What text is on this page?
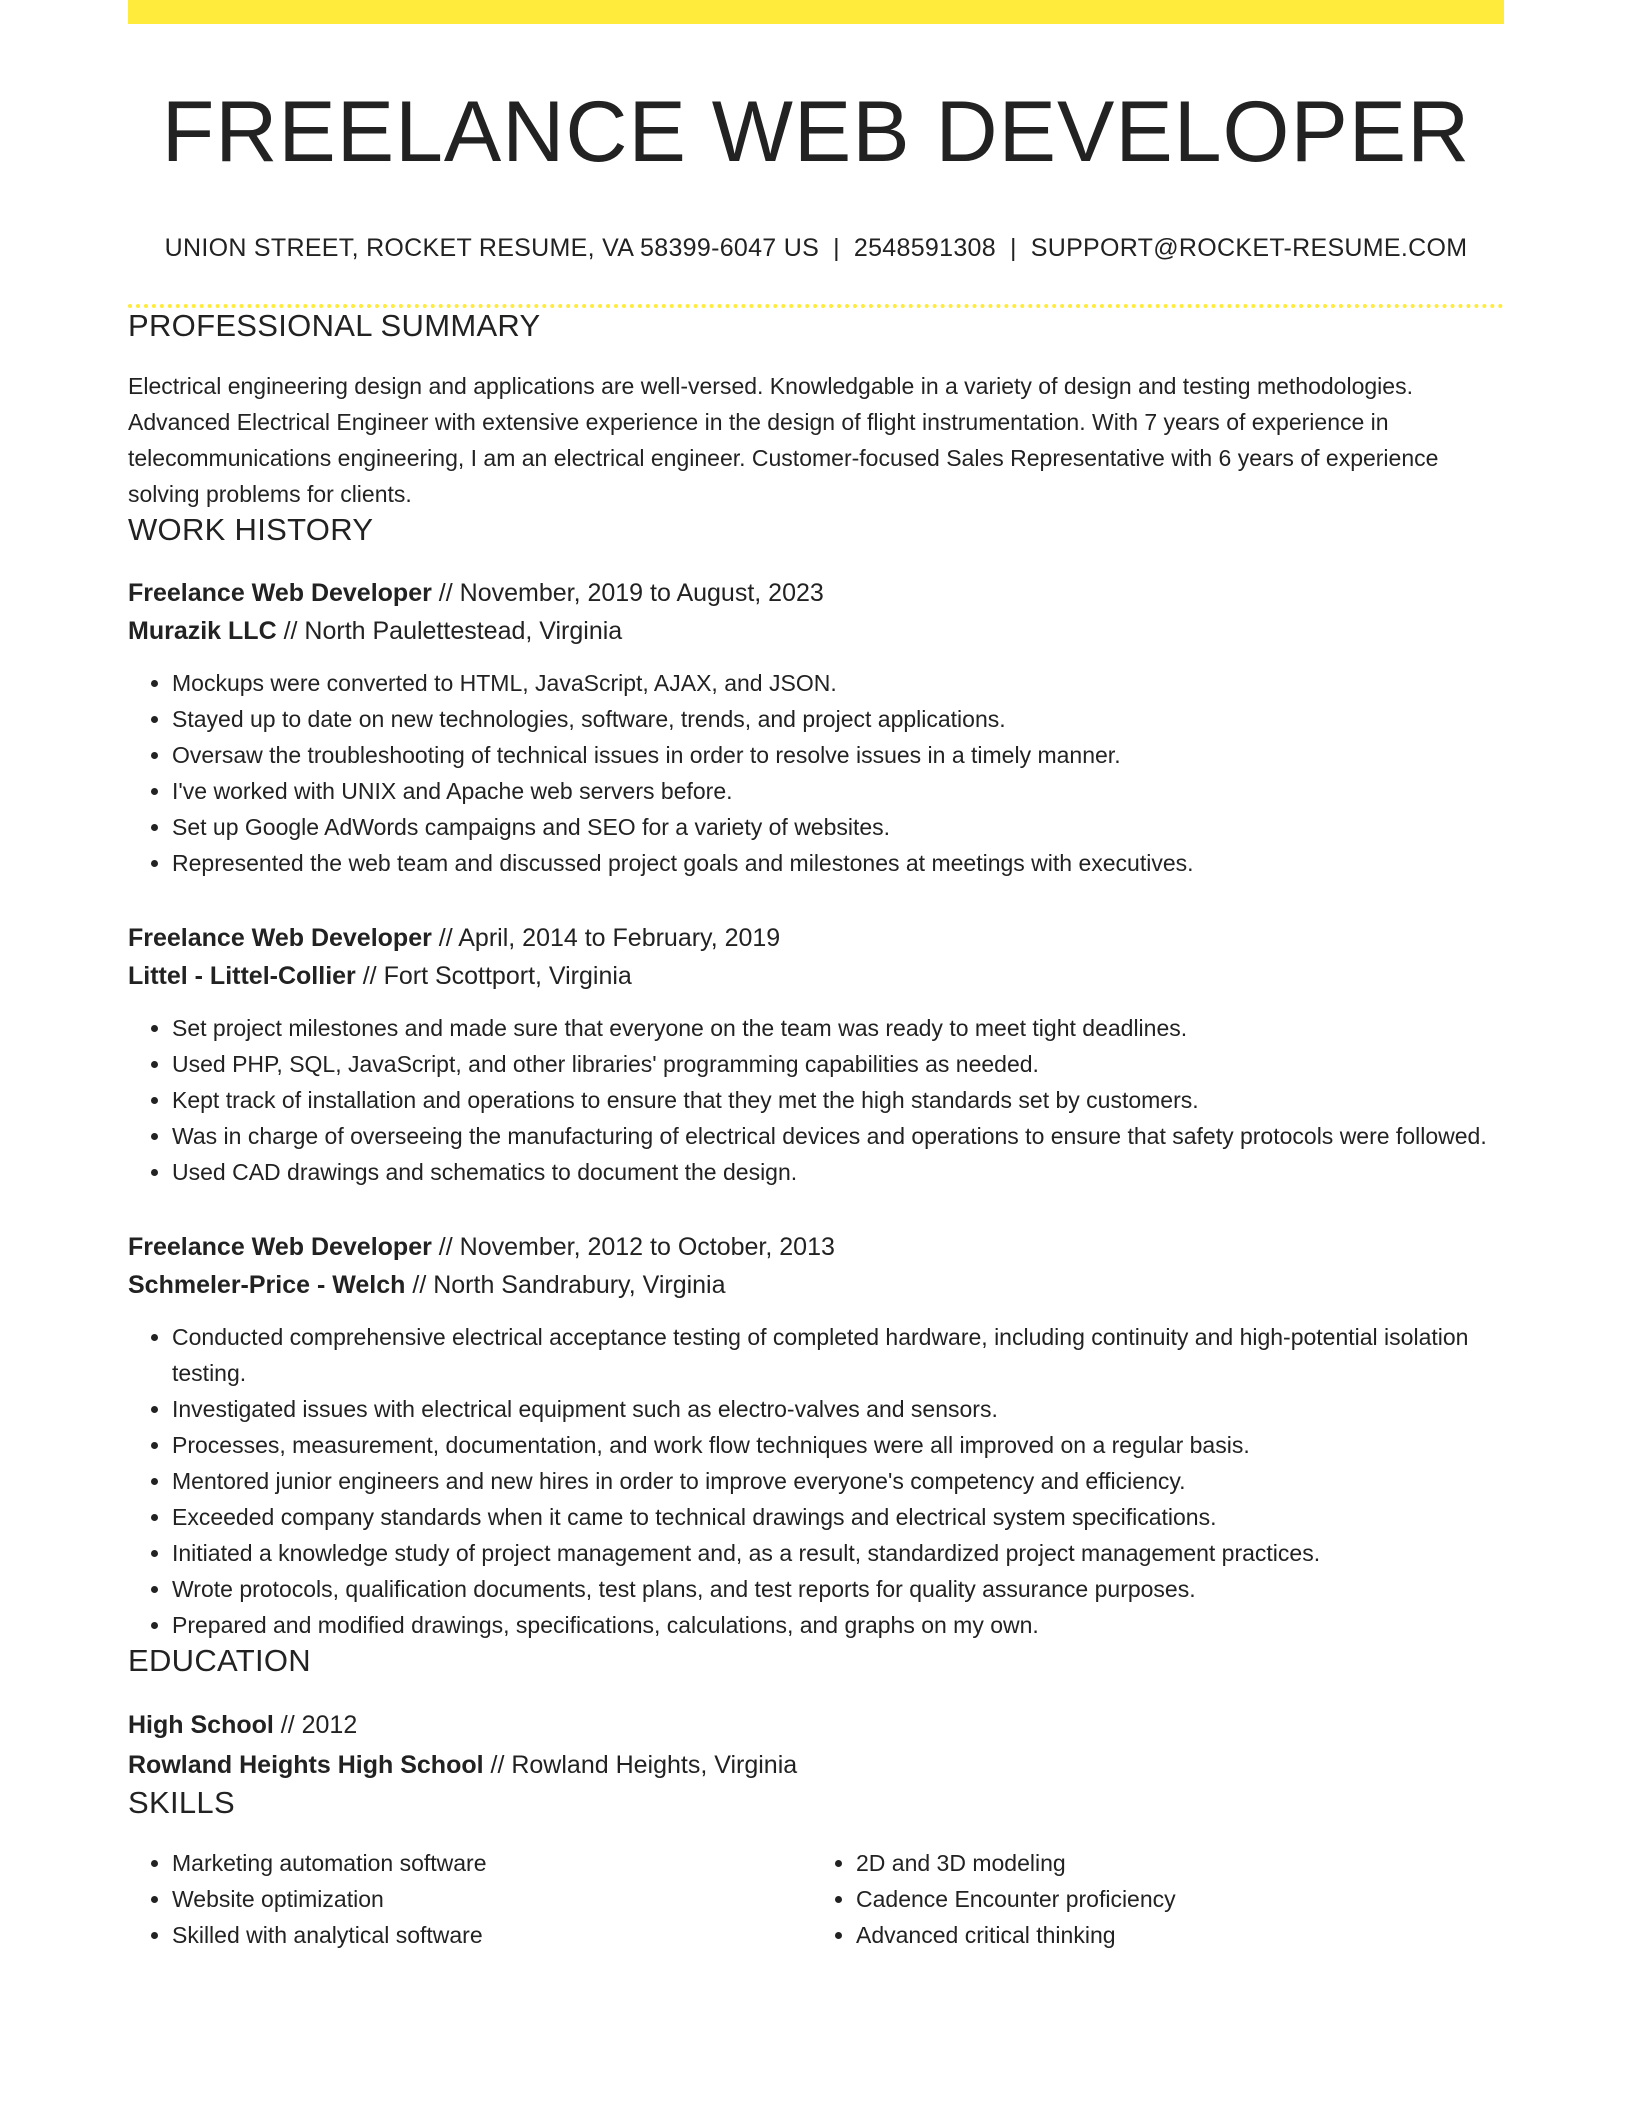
FREELANCE WEB DEVELOPER
UNION STREET, ROCKET RESUME, VA 58399-6047 US | 2548591308 | SUPPORT@ROCKET-RESUME.COM
PROFESSIONAL SUMMARY
Electrical engineering design and applications are well-versed. Knowledgable in a variety of design and testing methodologies. Advanced Electrical Engineer with extensive experience in the design of flight instrumentation. With 7 years of experience in telecommunications engineering, I am an electrical engineer. Customer-focused Sales Representative with 6 years of experience solving problems for clients.
WORK HISTORY
Freelance Web Developer // November, 2019 to August, 2023
Murazik LLC // North Paulettestead, Virginia
• Mockups were converted to HTML, JavaScript, AJAX, and JSON.
• Stayed up to date on new technologies, software, trends, and project applications.
• Oversaw the troubleshooting of technical issues in order to resolve issues in a timely manner.
• I've worked with UNIX and Apache web servers before.
• Set up Google AdWords campaigns and SEO for a variety of websites.
• Represented the web team and discussed project goals and milestones at meetings with executives.
Freelance Web Developer // April, 2014 to February, 2019
Littel - Littel-Collier // Fort Scottport, Virginia
• Set project milestones and made sure that everyone on the team was ready to meet tight deadlines.
• Used PHP, SQL, JavaScript, and other libraries' programming capabilities as needed.
• Kept track of installation and operations to ensure that they met the high standards set by customers.
• Was in charge of overseeing the manufacturing of electrical devices and operations to ensure that safety protocols were followed.
• Used CAD drawings and schematics to document the design.
Freelance Web Developer // November, 2012 to October, 2013
Schmeler-Price - Welch // North Sandrabury, Virginia
• Conducted comprehensive electrical acceptance testing of completed hardware, including continuity and high-potential isolation testing.
• Investigated issues with electrical equipment such as electro-valves and sensors.
• Processes, measurement, documentation, and work flow techniques were all improved on a regular basis.
• Mentored junior engineers and new hires in order to improve everyone's competency and efficiency.
• Exceeded company standards when it came to technical drawings and electrical system specifications.
• Initiated a knowledge study of project management and, as a result, standardized project management practices.
• Wrote protocols, qualification documents, test plans, and test reports for quality assurance purposes.
• Prepared and modified drawings, specifications, calculations, and graphs on my own.
EDUCATION
High School // 2012
Rowland Heights High School // Rowland Heights, Virginia
SKILLS
• Marketing automation software
• Website optimization
• Skilled with analytical software
• 2D and 3D modeling
• Cadence Encounter proficiency
• Advanced critical thinking
